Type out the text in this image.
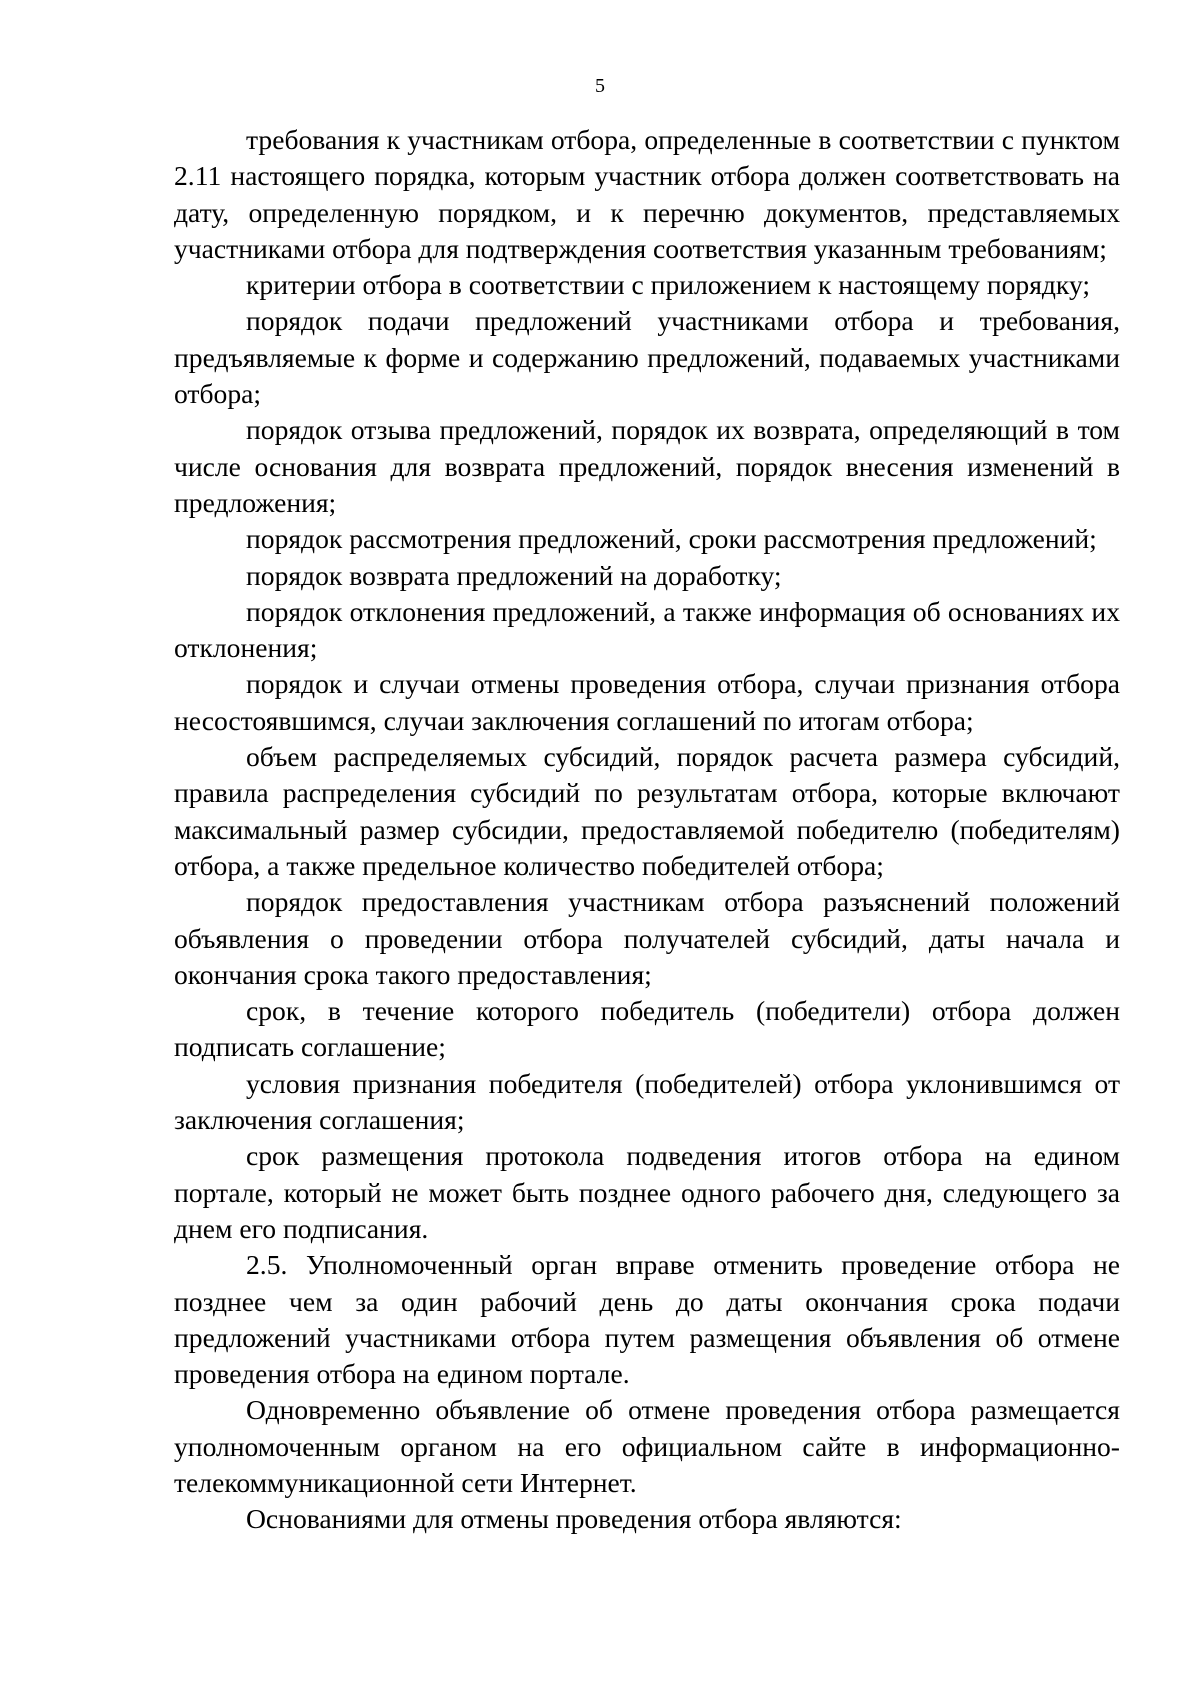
5

требования к участникам отбора, определенные в соответствии с пунктом 2.11 настоящего порядка, которым участник отбора должен соответствовать на дату, определенную порядком, и к перечню документов, представляемых участниками отбора для подтверждения соответствия указанным требованиям;

критерии отбора в соответствии с приложением к настоящему порядку;

порядок подачи предложений участниками отбора и требования, предъявляемые к форме и содержанию предложений, подаваемых участниками отбора;

порядок отзыва предложений, порядок их возврата, определяющий в том числе основания для возврата предложений, порядок внесения изменений в предложения;

порядок рассмотрения предложений, сроки рассмотрения предложений;

порядок возврата предложений на доработку;

порядок отклонения предложений, а также информация об основаниях их отклонения;

порядок и случаи отмены проведения отбора, случаи признания отбора несостоявшимся, случаи заключения соглашений по итогам отбора;

объем распределяемых субсидий, порядок расчета размера субсидий, правила распределения субсидий по результатам отбора, которые включают максимальный размер субсидии, предоставляемой победителю (победителям) отбора, а также предельное количество победителей отбора;

порядок предоставления участникам отбора разъяснений положений объявления о проведении отбора получателей субсидий, даты начала и окончания срока такого предоставления;

срок, в течение которого победитель (победители) отбора должен подписать соглашение;

условия признания победителя (победителей) отбора уклонившимся от заключения соглашения;

срок размещения протокола подведения итогов отбора на едином портале, который не может быть позднее одного рабочего дня, следующего за днем его подписания.

2.5. Уполномоченный орган вправе отменить проведение отбора не позднее чем за один рабочий день до даты окончания срока подачи предложений участниками отбора путем размещения объявления об отмене проведения отбора на едином портале.

Одновременно объявление об отмене проведения отбора размещается уполномоченным органом на его официальном сайте в информационно-телекоммуникационной сети Интернет.

Основаниями для отмены проведения отбора являются:
